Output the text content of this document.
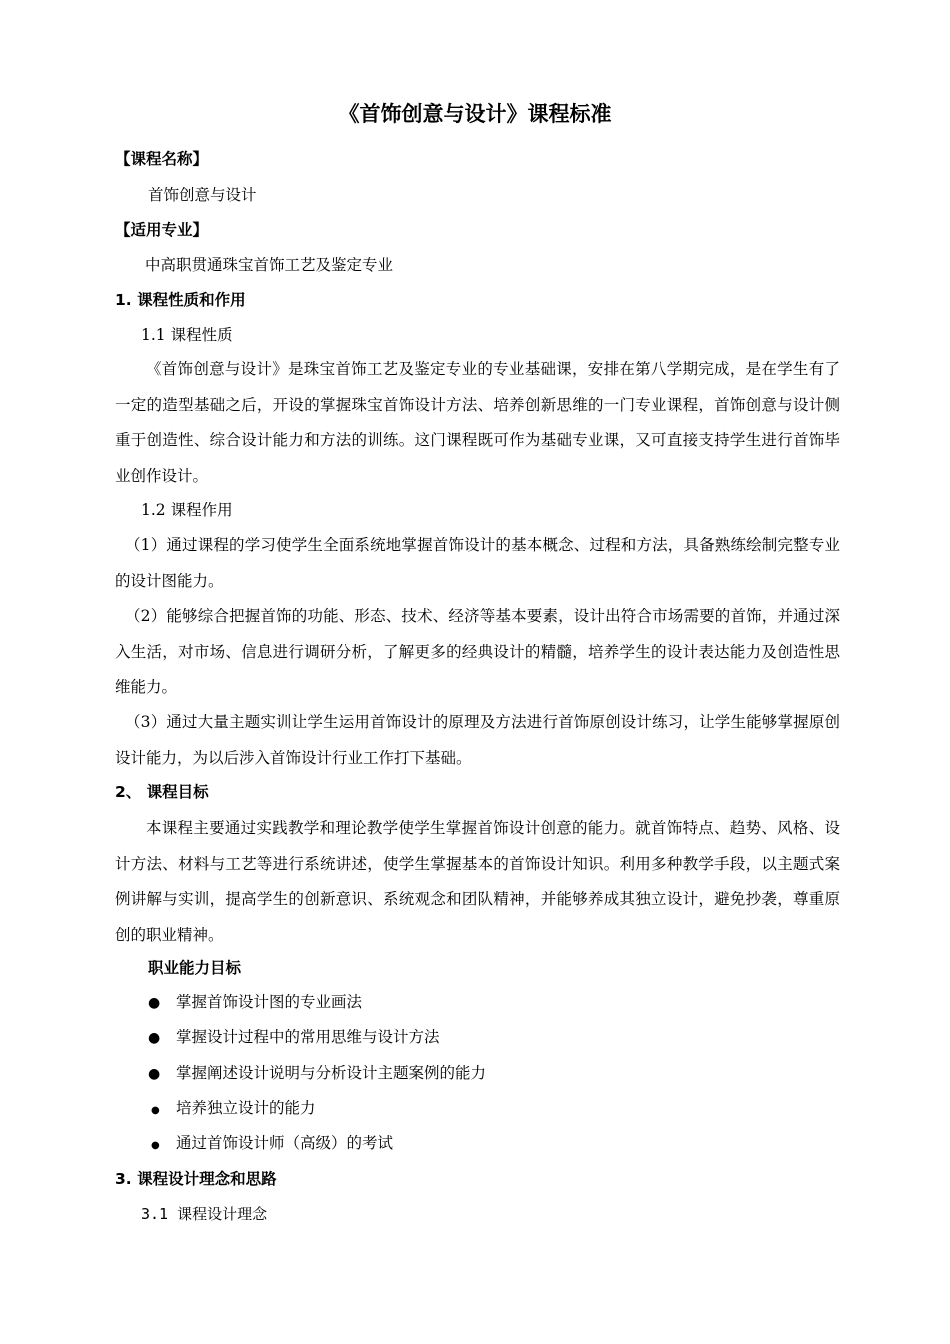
《首饰创意与设计》课程标准
【课程名称】
首饰创意与设计
【适用专业】
中高职贯通珠宝首饰工艺及鉴定专业
1. 课程性质和作用
1.1 课程性质

《首饰创意与设计》是珠宝首饰工艺及鉴定专业的专业基础课，安排在第八学期完成，是在学生有了一定的造型基础之后，开设的掌握珠宝首饰设计方法、培养创新思维的一门专业课程，首饰创意与设计侧重于创造性、综合设计能力和方法的训练。这门课程既可作为基础专业课，又可直接支持学生进行首饰毕业创作设计。

1.2 课程作用

（1）通过课程的学习使学生全面系统地掌握首饰设计的基本概念、过程和方法，具备熟练绘制完整专业的设计图能力。

（2）能够综合把握首饰的功能、形态、技术、经济等基本要素，设计出符合市场需要的首饰，并通过深入生活，对市场、信息进行调研分析，了解更多的经典设计的精髓，培养学生的设计表达能力及创造性思维能力。

（3）通过大量主题实训让学生运用首饰设计的原理及方法进行首饰原创设计练习，让学生能够掌握原创设计能力，为以后涉入首饰设计行业工作打下基础。

2、 课程目标

本课程主要通过实践教学和理论教学使学生掌握首饰设计创意的能力。就首饰特点、趋势、风格、设计方法、材料与工艺等进行系统讲述，使学生掌握基本的首饰设计知识。利用多种教学手段，以主题式案例讲解与实训，提高学生的创新意识、系统观念和团队精神，并能够养成其独立设计，避免抄袭，尊重原创的职业精神。

职业能力目标
● 掌握首饰设计图的专业画法
● 掌握设计过程中的常用思维与设计方法
● 掌握阐述设计说明与分析设计主题案例的能力
● 培养独立设计的能力
● 通过首饰设计师（高级）的考试
3. 课程设计理念和思路
3.1 课程设计理念
